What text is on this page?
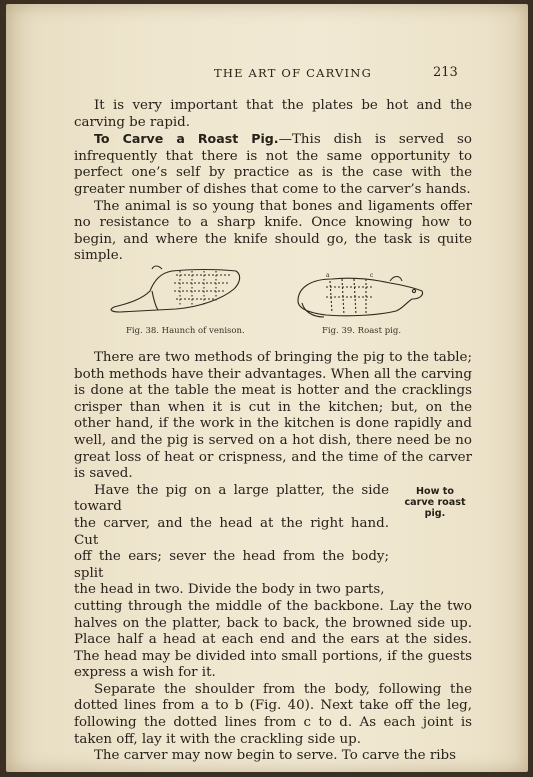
THE ART OF CARVING	213

It is very important that the plates be hot and the carving be rapid.

To Carve a Roast Pig.—This dish is served so infrequently that there is not the same opportunity to perfect one’s self by practice as is the case with the greater number of dishes that come to the carver’s hands.

The animal is so young that bones and ligaments offer no resistance to a sharp knife. Once knowing how to begin, and where the knife should go, the task is quite simple.

a	c
Fig. 38. Haunch of venison.	Fig. 39. Roast pig.

There are two methods of bringing the pig to the table; both methods have their advantages. When all the carving is done at the table the meat is hotter and the cracklings crisper than when it is cut in the kitchen; but, on the other hand, if the work in the kitchen is done rapidly and well, and the pig is served on a hot dish, there need be no great loss of heat or crispness, and the time of the carver is saved.

Have the pig on a large platter, the side toward
the carver, and the head at the right hand. Cut
off the ears; sever the head from the body; split
the head in two. Divide the body in two parts,

cutting through the middle of the backbone. Lay the two halves on the platter, back to back, the browned side up. Place half a head at each end and the ears at the sides. The head may be divided into small portions, if the guests express a wish for it.

Separate the shoulder from the body, following the dotted lines from a to b (Fig. 40). Next take off the leg, following the dotted lines from c to d. As each joint is taken off, lay it with the crackling side up.

The carver may now begin to serve. To carve the ribs

How to
carve roast
pig.
